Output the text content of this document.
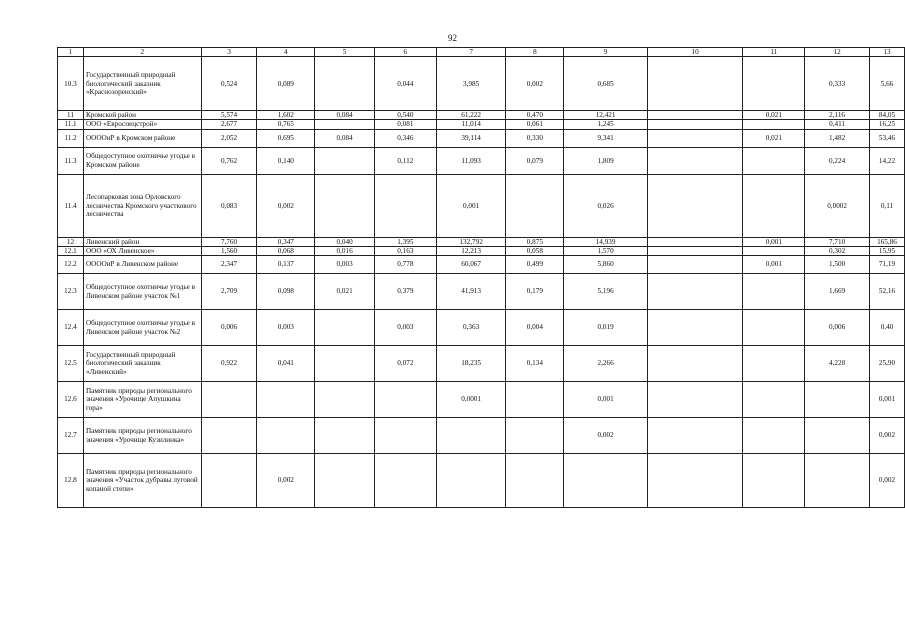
92
1	2	3	4	5	6	7	8	9	10	11	12	13
10.3	Государственный природный биологический заказник «Краснозоренский»	0,524	0,089		0,044	3,985	0,002	0,685			0,333	5,66
11	Кромской район	5,574	1,602	0,084	0,540	61,222	0,470	12,421		0,021	2,116	84,05
11.1	ООО «Евроспецстрой»	2,677	0,765		0,081	11,014	0,061	1,245			0,411	16,25
11.2	ООООиР в Кромском районе	2,052	0,695	0,084	0,346	39,114	0,330	9,341		0,021	1,482	53,46
11.3	Общедоступное охотничье угодье в Кромском районе	0,762	0,140		0,112	11,093	0,079	1,809			0,224	14,22
11.4	Лесопарковая зона Орловского лесничества Кромского участкового лесничества	0,083	0,002			0,001		0,026			0,0002	0,11
12	Ливенский район	7,760	0,347	0,040	1,395	132,792	0,875	14,939		0,001	7,710	165,86
12.1	ООО «ОХ Ливенское»	1,560	0,068	0,016	0,163	12,213	0,058	1,570			0,302	15,95
12.2	ООООиР в Ливенском районе	2,347	0,137	0,003	0,778	60,067	0,499	5,860		0,001	1,500	71,19
12.3	Общедоступное охотничье угодье в Ливенском районе участок №1	2,709	0,098	0,021	0,379	41,913	0,179	5,196			1,669	52,16
12.4	Общедоступное охотничье угодье в Ливенском районе участок №2	0,006	0,003		0,003	0,363	0,004	0,019			0,006	0,40
12.5	Государственный природный биологический заказник «Ливенский»	0,922	0,041		0,072	18,235	0,134	2,266			4,228	25,90
12.6	Памятник природы регионального значения «Урочище Апушкина гора»					0,0001		0,001				0,001
12.7	Памятник природы регионального значения «Урочище Кузилинка»							0,002				0,002
12.8	Памятник природы регионального значения «Участок дубравы луговой копаной степи»		0,002									0,002
